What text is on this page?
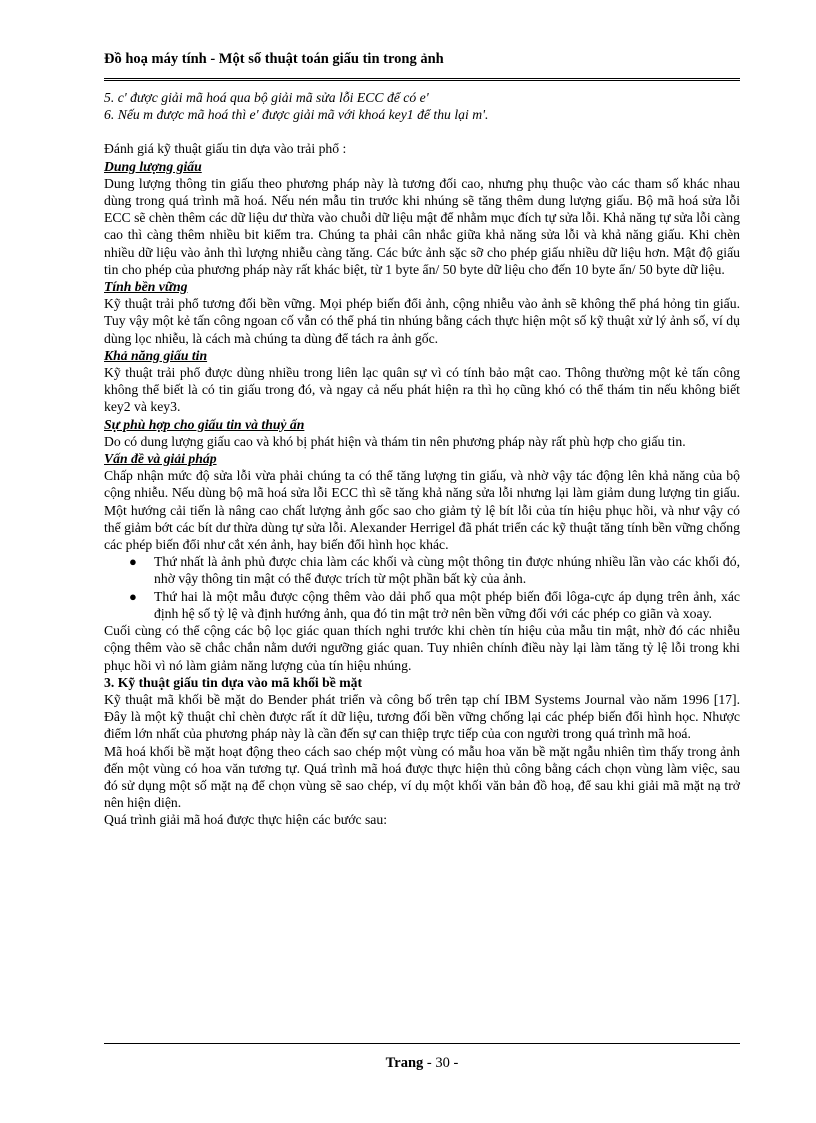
Đồ hoạ máy tính - Một số thuật toán giấu tin trong ảnh

5. c' được giải mã hoá qua bộ giải mã sửa lỗi ECC để có e'

6. Nếu m được mã hoá thì e' được giải mã với khoá key1 để thu lại m'.

Đánh giá kỹ thuật giấu tin dựa vào trải phổ :

Dung lượng giấu

Dung lượng thông tin giấu theo phương pháp này là tương đối cao, nhưng phụ thuộc vào các tham số khác nhau dùng trong quá trình mã hoá. Nếu nén mẫu tin trước khi nhúng sẽ tăng thêm dung lượng giấu. Bộ mã hoá sửa lỗi ECC sẽ chèn thêm các dữ liệu dư thừa vào chuỗi dữ liệu mật để nhằm mục đích tự sửa lỗi. Khả năng tự sửa lỗi càng cao thì càng thêm nhiều bit kiểm tra. Chúng ta phải cân nhắc giữa khả năng sửa lỗi và khả năng giấu. Khi chèn nhiều dữ liệu vào ảnh thì lượng nhiễu càng tăng. Các bức ảnh sặc sỡ cho phép giấu nhiều dữ liệu hơn. Mật độ giấu tin cho phép của phương pháp này rất khác biệt, từ 1 byte ẩn/ 50 byte dữ liệu cho đến 10 byte ẩn/ 50 byte dữ liệu.

Tính bền vững

Kỹ thuật trải phổ tương đối bền vững. Mọi phép biến đổi ảnh, cộng nhiễu vào ảnh sẽ không thể phá hỏng tin giấu. Tuy vậy một kẻ tấn công ngoan cố vẫn có thể phá tin nhúng bằng cách thực hiện một số kỹ thuật xử lý ảnh số, ví dụ dùng lọc nhiễu, là cách mà chúng ta dùng để tách ra ảnh gốc.

Khả năng giấu tin

Kỹ thuật trải phổ được dùng nhiều trong liên lạc quân sự vì có tính bảo mật cao. Thông thường một kẻ tấn công không thể biết là có tin giấu trong đó, và ngay cả nếu phát hiện ra thì họ cũng khó có thể thám tin nếu không biết key2 và key3.

Sự phù hợp cho giấu tin và thuỷ ấn

Do có dung lượng giấu cao và khó bị phát hiện và thám tin nên phương pháp này rất phù hợp cho giấu tin.

Vấn đề và giải pháp

Chấp nhận mức độ sửa lỗi vừa phải chúng ta có thể tăng lượng tin giấu, và nhờ vậy tác động lên khả năng của bộ cộng nhiễu. Nếu dùng bộ mã hoá sửa lỗi ECC thì sẽ tăng khả năng sửa lỗi nhưng lại làm giảm dung lượng tin giấu. Một hướng cải tiến là nâng cao chất lượng ảnh gốc sao cho giảm tỷ lệ bít lỗi của tín hiệu phục hồi, và như vậy có thể giảm bớt các bít dư thừa dùng tự sửa lỗi. Alexander Herrigel đã phát triển các kỹ thuật tăng tính bền vững chống các phép biến đổi như cắt xén ảnh, hay biến đổi hình học khác.

● Thứ nhất là ảnh phủ được chia làm các khối và cùng một thông tin được nhúng nhiều lần vào các khối đó, nhờ vậy thông tin mật có thể được trích từ một phần bất kỳ của ảnh.
● Thứ hai là một mẫu được cộng thêm vào dải phổ qua một phép biến đổi lôga-cực áp dụng trên ảnh, xác định hệ số tỷ lệ và định hướng ảnh, qua đó tin mật trở nên bền vững đối với các phép co giãn và xoay.

Cuối cùng có thể cộng các bộ lọc giác quan thích nghi trước khi chèn tín hiệu của mẫu tin mật, nhờ đó các nhiễu cộng thêm vào sẽ chắc chắn nằm dưới ngưỡng giác quan. Tuy nhiên chính điều này lại làm tăng tỷ lệ lỗi trong khi phục hồi vì nó làm giảm năng lượng của tín hiệu nhúng.

3. Kỹ thuật giấu tin dựa vào mã khối bề mặt

Kỹ thuật mã khối bề mặt do Bender phát triển và công bố trên tạp chí IBM Systems Journal vào năm 1996 [17]. Đây là một kỹ thuật chỉ chèn được rất ít dữ liệu, tương đối bền vững chống lại các phép biến đổi hình học. Nhược điểm lớn nhất của phương pháp này là cần đến sự can thiệp trực tiếp của con người trong quá trình mã hoá.

Mã hoá khối bề mặt hoạt động theo cách sao chép một vùng có mẫu hoa văn bề mặt ngẫu nhiên tìm thấy trong ảnh đến một vùng có hoa văn tương tự. Quá trình mã hoá được thực hiện thủ công bằng cách chọn vùng làm việc, sau đó sử dụng một số mặt nạ để chọn vùng sẽ sao chép, ví dụ một khối văn bản đồ hoạ, để sau khi giải mã mặt nạ trở nên hiện diện.

Quá trình giải mã hoá được thực hiện các bước sau:

Trang - 30 -
